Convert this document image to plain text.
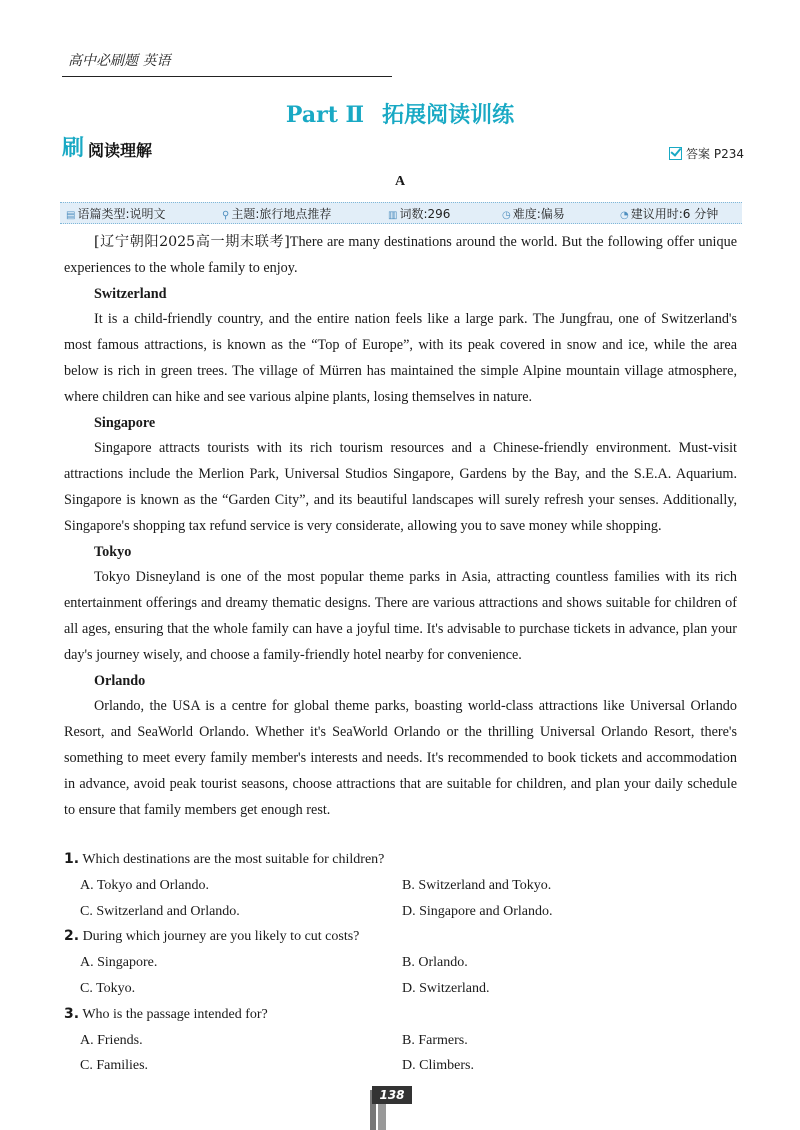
高中必刷题 英语
Part Ⅱ 拓展阅读训练
刷 阅读理解	答案 P234
A
▤ 语篇类型:说明文	⚲ 主题:旅行地点推荐	▥ 词数:296	◷ 难度:偏易	◔ 建议用时:6 分钟

[辽宁朝阳2025高一期末联考]There are many destinations around the world. But the following offer unique experiences to the whole family to enjoy.

Switzerland

It is a child-friendly country, and the entire nation feels like a large park. The Jungfrau, one of Switzerland's most famous attractions, is known as the “Top of Europe”, with its peak covered in snow and ice, while the area below is rich in green trees. The village of Mürren has maintained the simple Alpine mountain village atmosphere, where children can hike and see various alpine plants, losing themselves in nature.

Singapore

Singapore attracts tourists with its rich tourism resources and a Chinese-friendly environment. Must-visit attractions include the Merlion Park, Universal Studios Singapore, Gardens by the Bay, and the S.E.A. Aquarium. Singapore is known as the “Garden City”, and its beautiful landscapes will surely refresh your senses. Additionally, Singapore's shopping tax refund service is very considerate, allowing you to save money while shopping.

Tokyo

Tokyo Disneyland is one of the most popular theme parks in Asia, attracting countless families with its rich entertainment offerings and dreamy thematic designs. There are various attractions and shows suitable for children of all ages, ensuring that the whole family can have a joyful time. It's advisable to purchase tickets in advance, plan your day's journey wisely, and choose a family-friendly hotel nearby for convenience.

Orlando

Orlando, the USA is a centre for global theme parks, boasting world-class attractions like Universal Orlando Resort, and SeaWorld Orlando. Whether it's SeaWorld Orlando or the thrilling Universal Orlando Resort, there's something to meet every family member's interests and needs. It's recommended to book tickets and accommodation in advance, avoid peak tourist seasons, choose attractions that are suitable for children, and plan your daily schedule to ensure that family members get enough rest.

1. Which destinations are the most suitable for children?

A. Tokyo and Orlando.	B. Switzerland and Tokyo.

C. Switzerland and Orlando.	D. Singapore and Orlando.

2. During which journey are you likely to cut costs?

A. Singapore.	B. Orlando.

C. Tokyo.	D. Switzerland.

3. Who is the passage intended for?

A. Friends.	B. Farmers.

C. Families.	D. Climbers.

138
